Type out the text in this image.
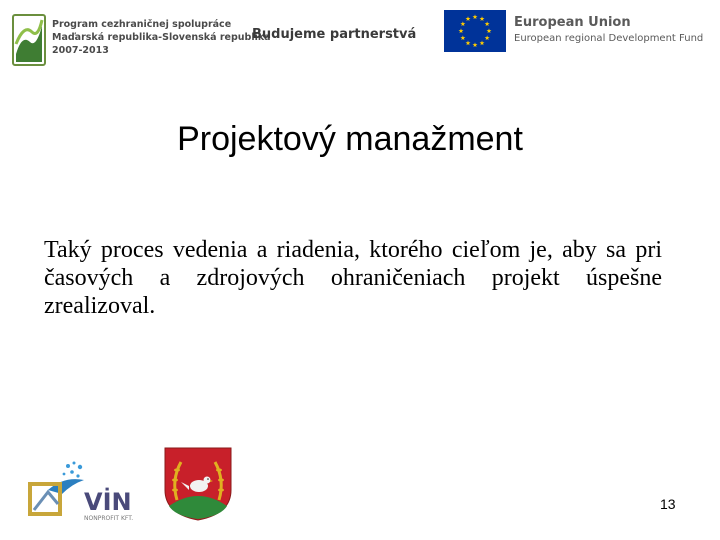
Program cezhraničnej spolupráce
Maďarská republika-Slovenská republika
2007-2013
Budujeme partnerstvá
European Union
European regional Development Fund
Projektový manažment
Taký proces vedenia a riadenia, ktorého cieľom je, aby sa pri časových a zdrojových ohraničeniach projekt úspešne zrealizoval.
VİN
NONPROFIT KFT.
13
